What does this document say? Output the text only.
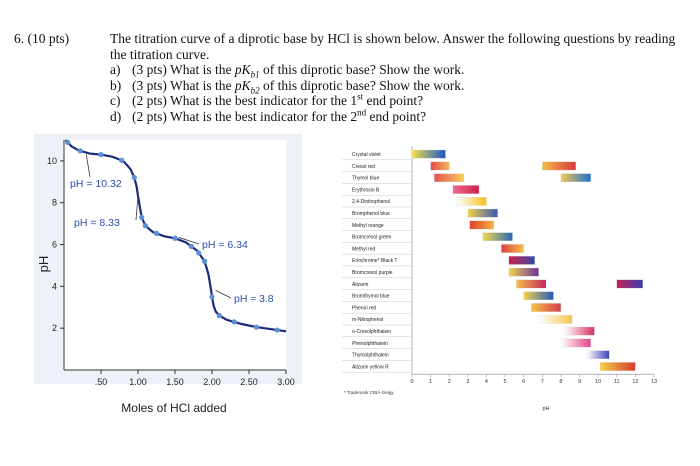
6. (10 pts)	The titration curve of a diprotic base by HCl is shown below. Answer the following questions by reading the titration curve.
a) (3 pts) What is the $pK_{b1}$ of this diprotic base? Show the work.
b) (3 pts) What is the $pK_{b2}$ of this diprotic base? Show the work.
c) (2 pts) What is the best indicator for the 1st end point?
d) (2 pts) What is the best indicator for the 2nd end point?
pH
Moles of HCl added
2
4
6
8
10
.50 1.00 1.50 2.00 2.50 3.00
pH = 10.32
pH = 8.33
pH = 6.34
pH ≈ 3.8
Crystal violet
Cresol red
Thymol blue
Erythrosin B
2,4-Dinitrophenol
Bromphenol blue
Methyl orange
Bromcresol green
Methyl red
Eriochrome* Black T
Bromcresol purple
Alizarin
Bromthymol blue
Phenol red
m-Nitrophenol
o-Cresolphthalein
Phenolphthalein
Thymolphthalein
Alizarin yellow R
0	1	2	3	4	5	6	7	8	9	10 11 12 13
* Trademark CIBA-Geigy
pH
